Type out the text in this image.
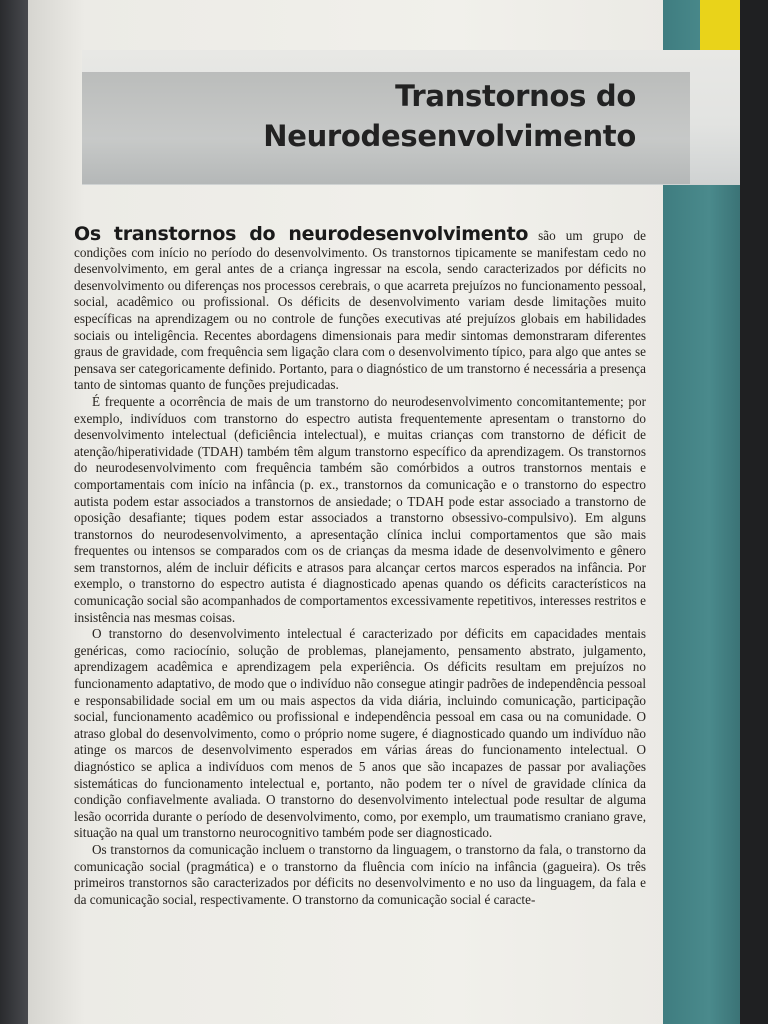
Transtornos do
Neurodesenvolvimento

Os transtornos do neurodesenvolvimento são um grupo de condições com início no período do desenvolvimento. Os transtornos tipicamente se manifestam cedo no desenvolvimento, em geral antes de a criança ingressar na escola, sendo caracterizados por déficits no desenvolvimento ou diferenças nos processos cerebrais, o que acarreta prejuízos no funcionamento pessoal, social, acadêmico ou profissional. Os déficits de desenvolvimento variam desde limitações muito específicas na aprendizagem ou no controle de funções executivas até prejuízos globais em habilidades sociais ou inteligência. Recentes abordagens dimensionais para medir sintomas demonstraram diferentes graus de gravidade, com frequência sem ligação clara com o desenvolvimento típico, para algo que antes se pensava ser categoricamente definido. Portanto, para o diagnóstico de um transtorno é necessária a presença tanto de sintomas quanto de funções prejudicadas.

É frequente a ocorrência de mais de um transtorno do neurodesenvolvimento concomitantemente; por exemplo, indivíduos com transtorno do espectro autista frequentemente apresentam o transtorno do desenvolvimento intelectual (deficiência intelectual), e muitas crianças com transtorno de déficit de atenção/hiperatividade (TDAH) também têm algum transtorno específico da aprendizagem. Os transtornos do neurodesenvolvimento com frequência também são comórbidos a outros transtornos mentais e comportamentais com início na infância (p. ex., transtornos da comunicação e o transtorno do espectro autista podem estar associados a transtornos de ansiedade; o TDAH pode estar associado a transtorno de oposição desafiante; tiques podem estar associados a transtorno obsessivo-compulsivo). Em alguns transtornos do neurodesenvolvimento, a apresentação clínica inclui comportamentos que são mais frequentes ou intensos se comparados com os de crianças da mesma idade de desenvolvimento e gênero sem transtornos, além de incluir déficits e atrasos para alcançar certos marcos esperados na infância. Por exemplo, o transtorno do espectro autista é diagnosticado apenas quando os déficits característicos na comunicação social são acompanhados de comportamentos excessivamente repetitivos, interesses restritos e insistência nas mesmas coisas.

O transtorno do desenvolvimento intelectual é caracterizado por déficits em capacidades mentais genéricas, como raciocínio, solução de problemas, planejamento, pensamento abstrato, julgamento, aprendizagem acadêmica e aprendizagem pela experiência. Os déficits resultam em prejuízos no funcionamento adaptativo, de modo que o indivíduo não consegue atingir padrões de independência pessoal e responsabilidade social em um ou mais aspectos da vida diária, incluindo comunicação, participação social, funcionamento acadêmico ou profissional e independência pessoal em casa ou na comunidade. O atraso global do desenvolvimento, como o próprio nome sugere, é diagnosticado quando um indivíduo não atinge os marcos de desenvolvimento esperados em várias áreas do funcionamento intelectual. O diagnóstico se aplica a indivíduos com menos de 5 anos que são incapazes de passar por avaliações sistemáticas do funcionamento intelectual e, portanto, não podem ter o nível de gravidade clínica da condição confiavelmente avaliada. O transtorno do desenvolvimento intelectual pode resultar de alguma lesão ocorrida durante o período de desenvolvimento, como, por exemplo, um traumatismo craniano grave, situação na qual um transtorno neurocognitivo também pode ser diagnosticado.

Os transtornos da comunicação incluem o transtorno da linguagem, o transtorno da fala, o transtorno da comunicação social (pragmática) e o transtorno da fluência com início na infância (gagueira). Os três primeiros transtornos são caracterizados por déficits no desenvolvimento e no uso da linguagem, da fala e da comunicação social, respectivamente. O transtorno da comunicação social é caracte-
